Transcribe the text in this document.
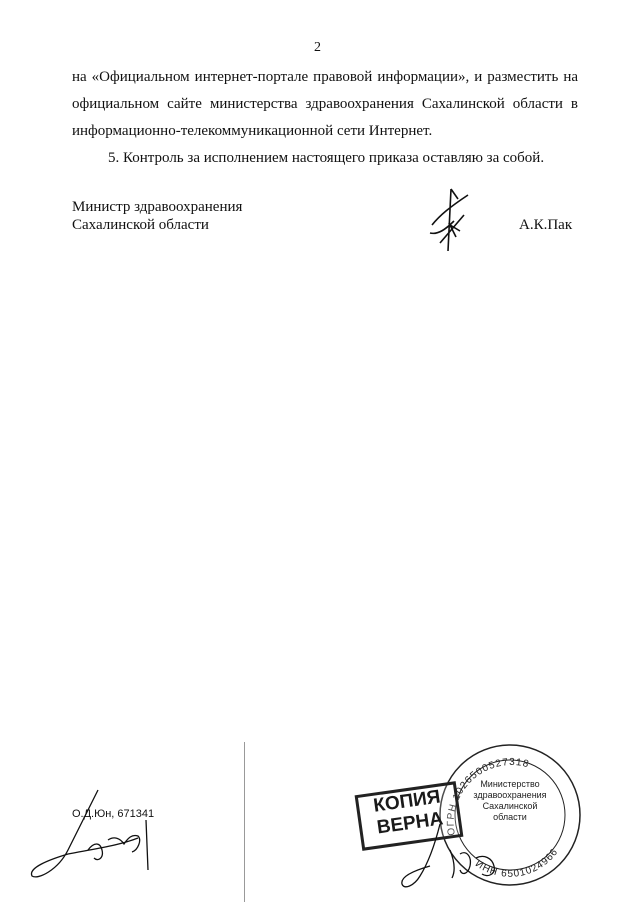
2
на «Официальном интернет-портале правовой информации», и разместить на
официальном сайте министерства здравоохранения Сахалинской области в
информационно-телекоммуникационной сети Интернет.

5. Контроль за исполнением настоящего приказа оставляю за собой.

Министр здравоохранения
Сахалинской области	А.К.Пак
О.Д.Юн, 671341
ОГРН 1026500527318
ИНН 6501024966
Министерство
здравоохранения
Сахалинской
области
КОПИЯ
ВЕРНА
